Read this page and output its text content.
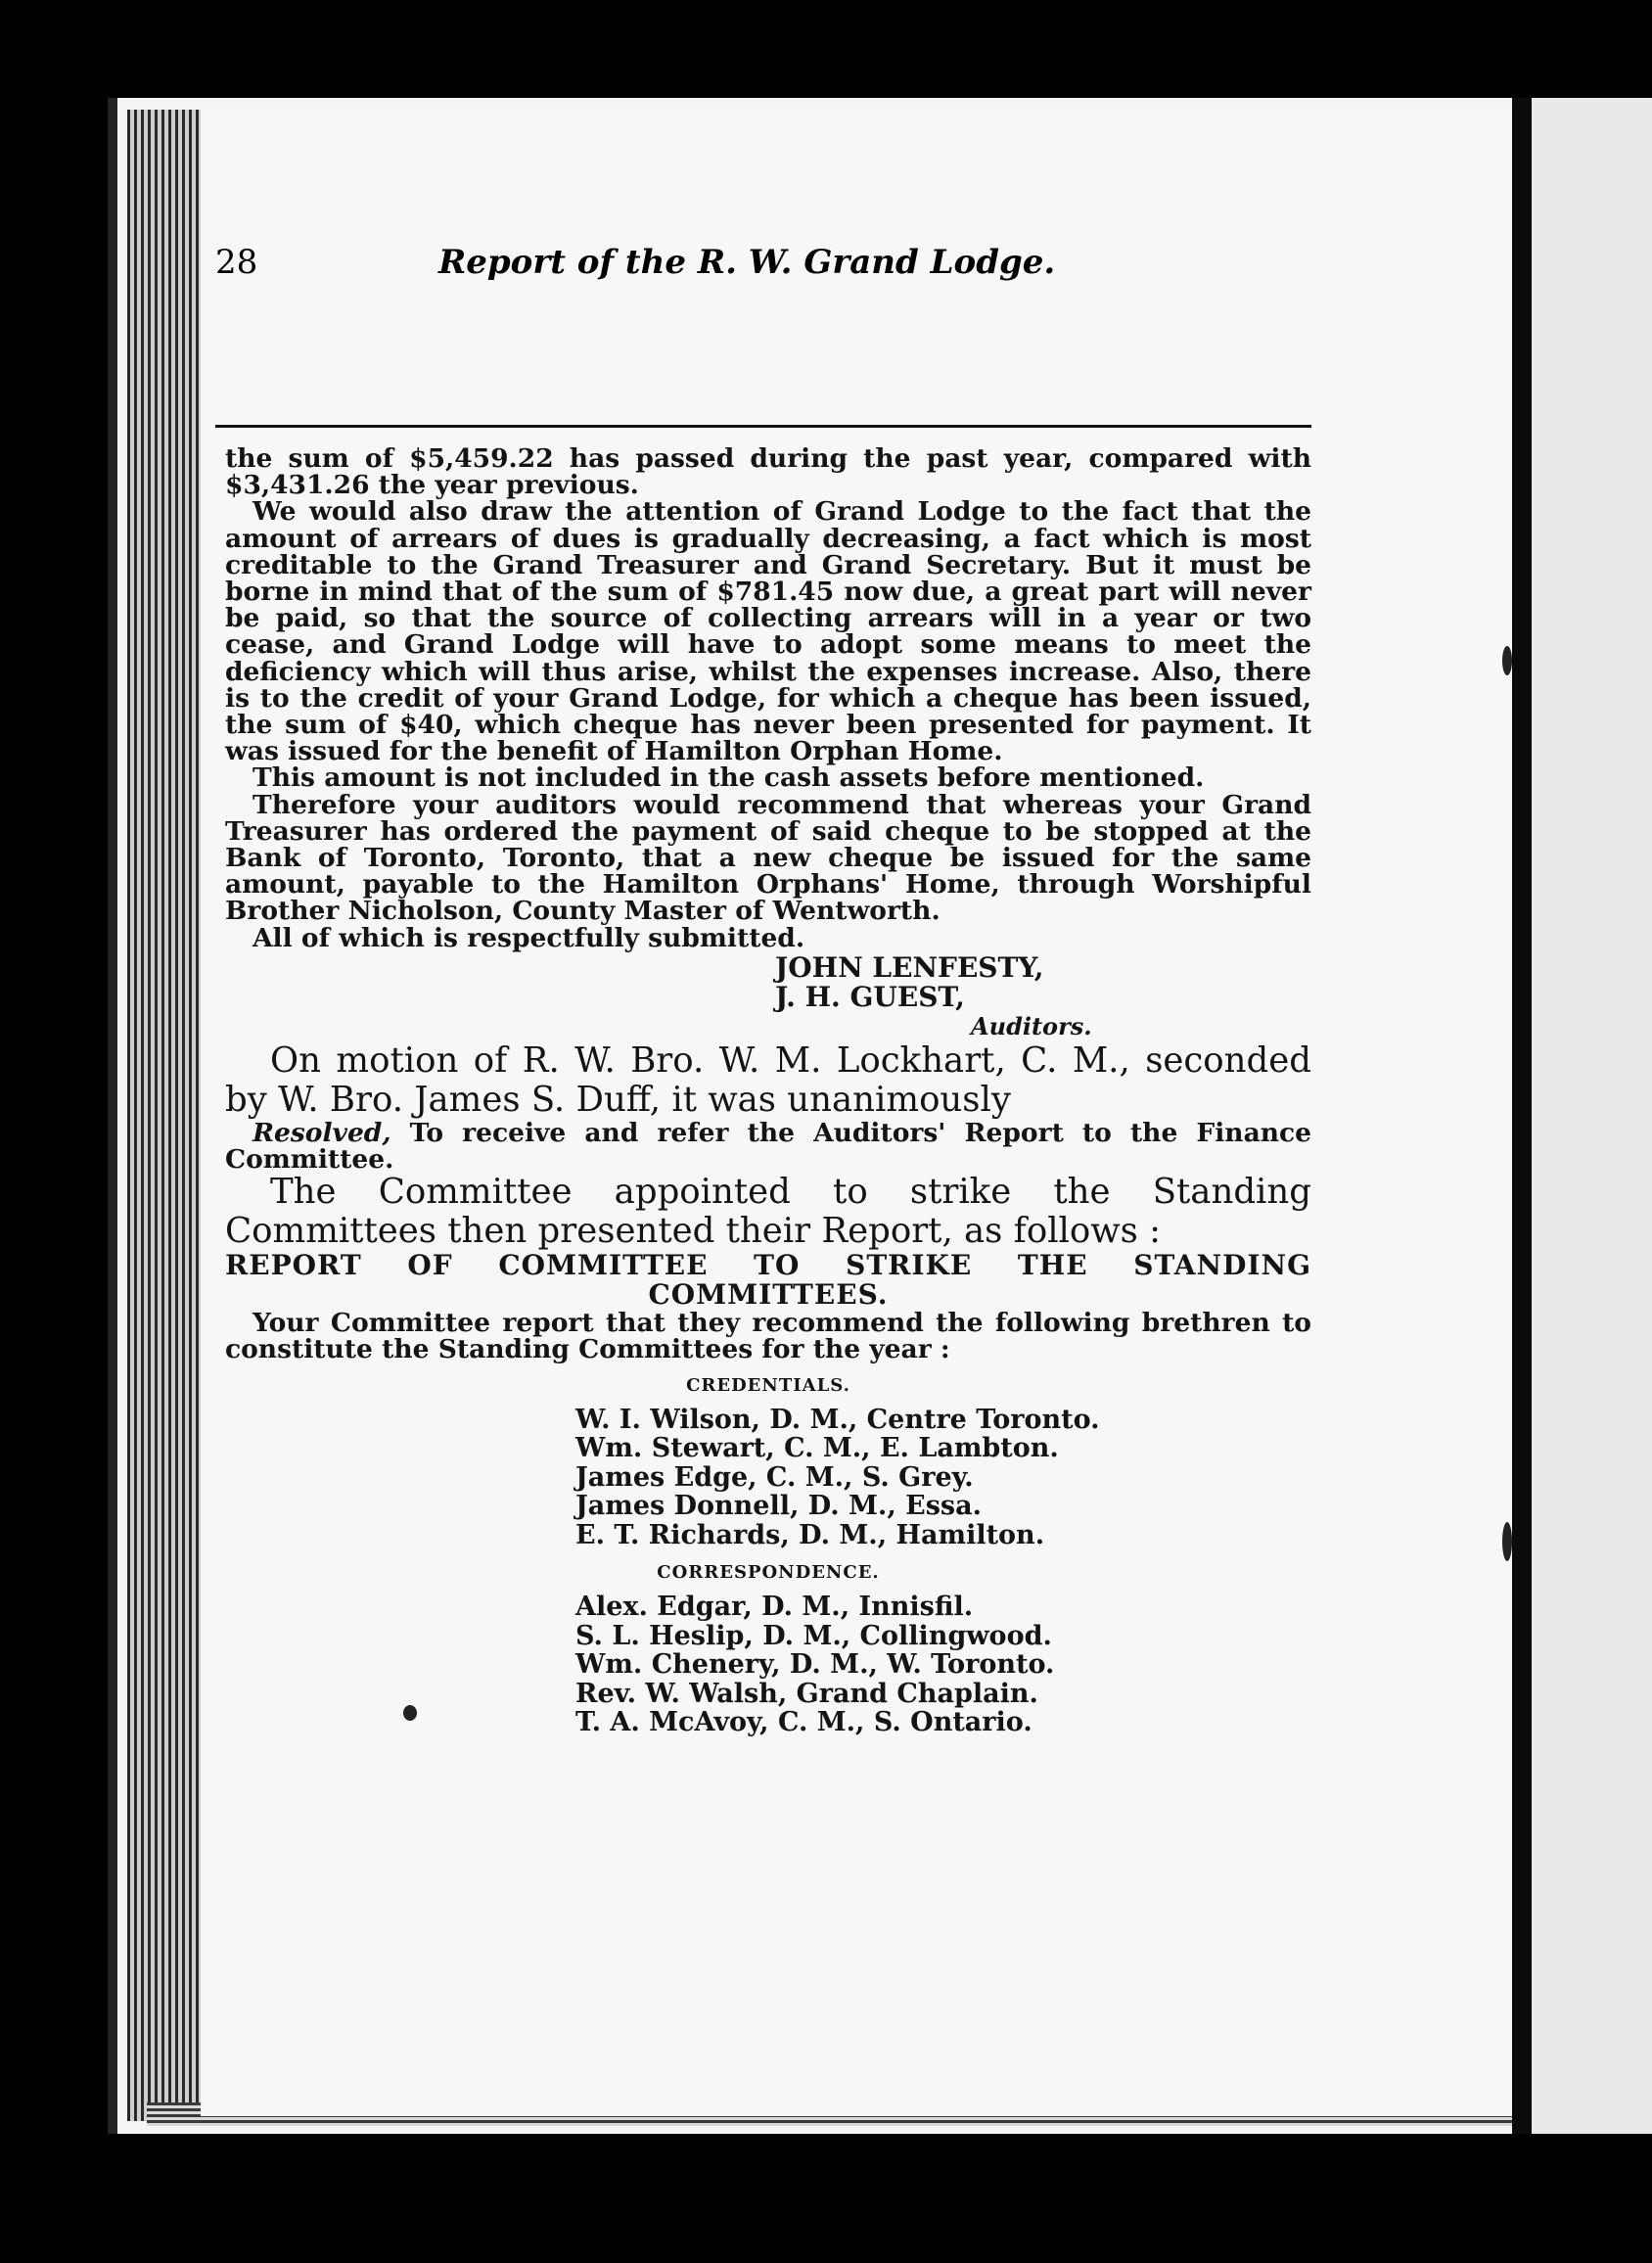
28	Report of the R. W. Grand Lodge.

the sum of $5,459.22 has passed during the past year, compared with $3,431.26 the year previous.

We would also draw the attention of Grand Lodge to the fact that the amount of arrears of dues is gradually decreasing, a fact which is most creditable to the Grand Treasurer and Grand Secretary. But it must be borne in mind that of the sum of $781.45 now due, a great part will never be paid, so that the source of collecting arrears will in a year or two cease, and Grand Lodge will have to adopt some means to meet the deficiency which will thus arise, whilst the expenses increase. Also, there is to the credit of your Grand Lodge, for which a cheque has been issued, the sum of $40, which cheque has never been presented for payment. It was issued for the benefit of Hamilton Orphan Home.

This amount is not included in the cash assets before mentioned.

Therefore your auditors would recommend that whereas your Grand Treasurer has ordered the payment of said cheque to be stopped at the Bank of Toronto, Toronto, that a new cheque be issued for the same amount, payable to the Hamilton Orphans' Home, through Worshipful Brother Nicholson, County Master of Wentworth.

All of which is respectfully submitted.

JOHN LENFESTY,
J. H. GUEST,
Auditors.

On motion of R. W. Bro. W. M. Lockhart, C. M., seconded by W. Bro. James S. Duff, it was unanimously

Resolved, To receive and refer the Auditors' Report to the Finance Committee.

The Committee appointed to strike the Standing Committees then presented their Report, as follows :

REPORT OF COMMITTEE TO STRIKE THE STANDING COMMITTEES.

Your Committee report that they recommend the following brethren to constitute the Standing Committees for the year :

CREDENTIALS.
W. I. Wilson, D. M., Centre Toronto.
Wm. Stewart, C. M., E. Lambton.
James Edge, C. M., S. Grey.
James Donnell, D. M., Essa.
E. T. Richards, D. M., Hamilton.
CORRESPONDENCE.
Alex. Edgar, D. M., Innisfil.
S. L. Heslip, D. M., Collingwood.
Wm. Chenery, D. M., W. Toronto.
Rev. W. Walsh, Grand Chaplain.
T. A. McAvoy, C. M., S. Ontario.
